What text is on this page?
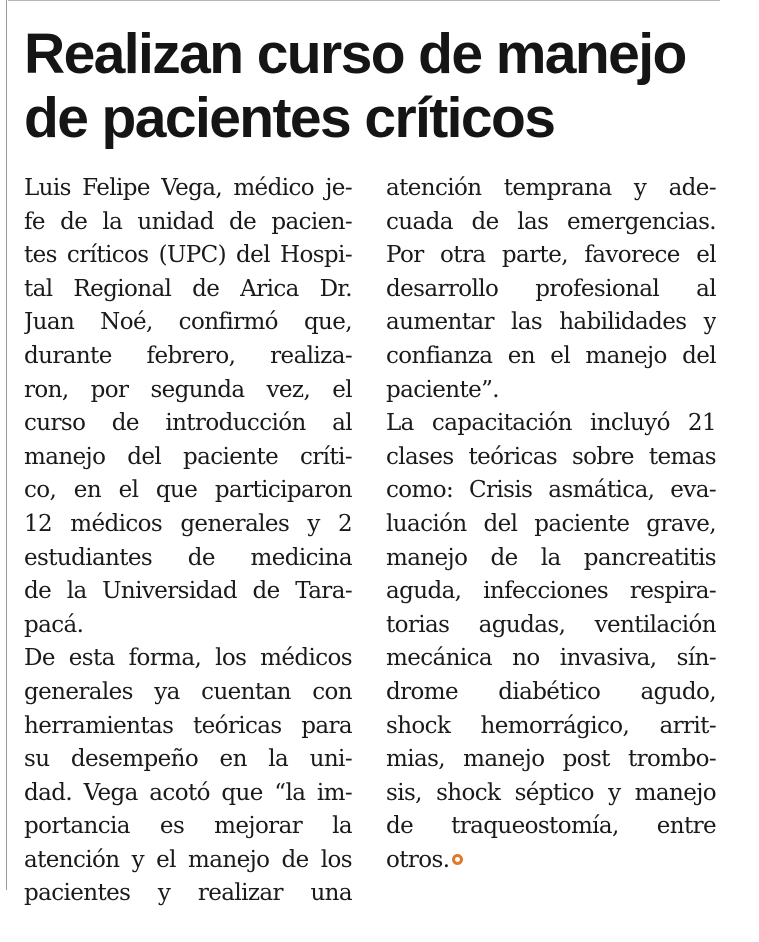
Realizan curso de manejo
de pacientes críticos
Luis Felipe Vega, médico je-
fe de la unidad de pacien-
tes críticos (UPC) del Hospi-
tal Regional de Arica Dr.
Juan Noé, confirmó que,
durante febrero, realiza-
ron, por segunda vez, el
curso de introducción al
manejo del paciente críti-
co, en el que participaron
12 médicos generales y 2
estudiantes de medicina
de la Universidad de Tara-
pacá.
De esta forma, los médicos
generales ya cuentan con
herramientas teóricas para
su desempeño en la uni-
dad. Vega acotó que “la im-
portancia es mejorar la
atención y el manejo de los
pacientes y realizar una
atención temprana y ade-
cuada de las emergencias.
Por otra parte, favorece el
desarrollo profesional al
aumentar las habilidades y
confianza en el manejo del
paciente”.
La capacitación incluyó 21
clases teóricas sobre temas
como: Crisis asmática, eva-
luación del paciente grave,
manejo de la pancreatitis
aguda, infecciones respira-
torias agudas, ventilación
mecánica no invasiva, sín-
drome diabético agudo,
shock hemorrágico, arrit-
mias, manejo post trombo-
sis, shock séptico y manejo
de traqueostomía, entre
otros.
